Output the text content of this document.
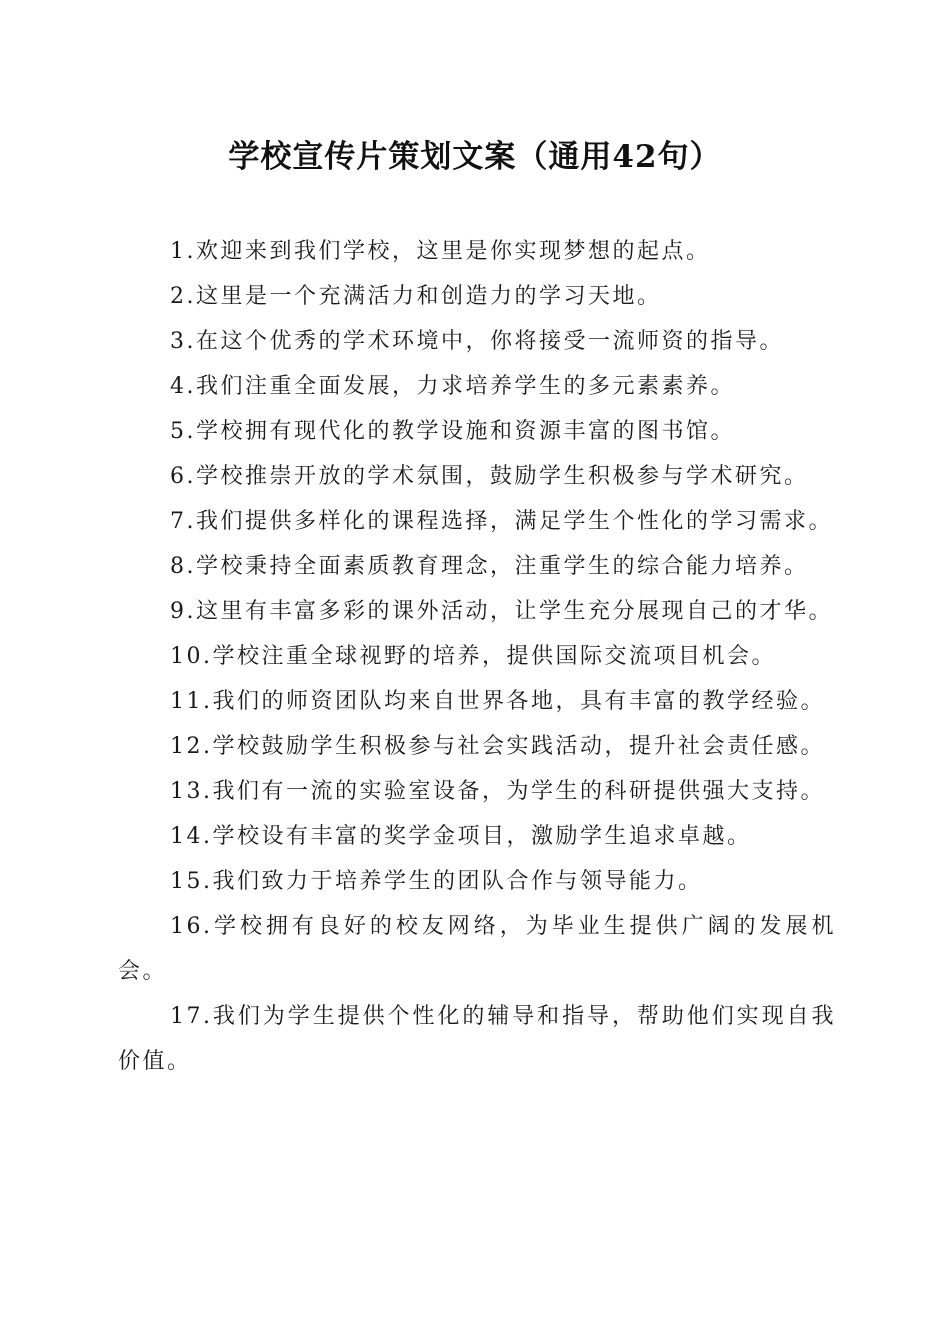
学校宣传片策划文案（通用42句）

1.欢迎来到我们学校，这里是你实现梦想的起点。

2.这里是一个充满活力和创造力的学习天地。

3.在这个优秀的学术环境中，你将接受一流师资的指导。

4.我们注重全面发展，力求培养学生的多元素素养。

5.学校拥有现代化的教学设施和资源丰富的图书馆。

6.学校推崇开放的学术氛围，鼓励学生积极参与学术研究。

7.我们提供多样化的课程选择，满足学生个性化的学习需求。

8.学校秉持全面素质教育理念，注重学生的综合能力培养。

9.这里有丰富多彩的课外活动，让学生充分展现自己的才华。

10.学校注重全球视野的培养，提供国际交流项目机会。

11.我们的师资团队均来自世界各地，具有丰富的教学经验。

12.学校鼓励学生积极参与社会实践活动，提升社会责任感。

13.我们有一流的实验室设备，为学生的科研提供强大支持。

14.学校设有丰富的奖学金项目，激励学生追求卓越。

15.我们致力于培养学生的团队合作与领导能力。

16.学校拥有良好的校友网络，为毕业生提供广阔的发展机会。

17.我们为学生提供个性化的辅导和指导，帮助他们实现自我价值。
